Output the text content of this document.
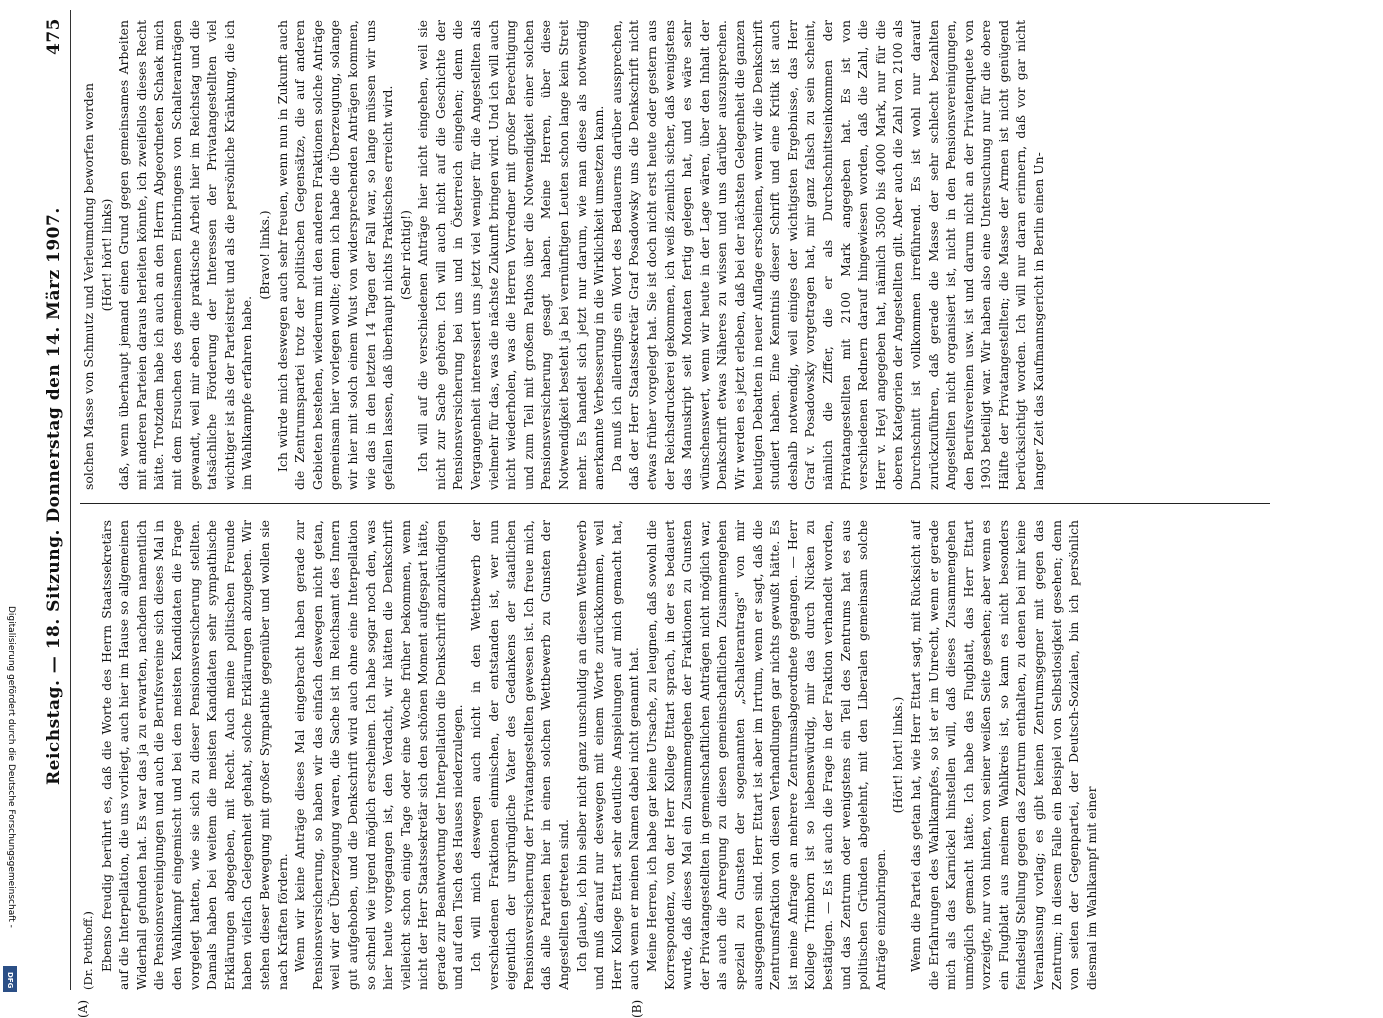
Digitalisierung gefördert durch die Deutsche Forschungsgemeinschaft -
DFG
Reichstag. — 18. Sitzung. Donnerstag den 14. März 1907.
475
(A)	(B)

(Dr. Potthoff.) Ebenso freudig berührt es, daß die Worte des Herrn Staatssekretärs auf die Interpellation, die uns vorliegt, auch hier im Hause so allgemeinen Widerhall gefunden hat. Es war das ja zu erwarten, nachdem namentlich die Pensionsvereinigungen und auch die Berufsvereine sich dieses Mal in den Wahlkampf eingemischt und bei den meisten Kandidaten die Frage vorgelegt hatten, wie sie sich zu dieser Pensionsversicherung stellten. Damals haben bei weitem die meisten Kandidaten sehr sympathische Erklärungen abgegeben, mit Recht. Auch meine politischen Freunde haben vielfach Gelegenheit gehabt, solche Erklärungen abzugeben. Wir stehen dieser Bewegung mit großer Sympathie gegenüber und wollen sie nach Kräften fördern. Wenn wir keine Anträge dieses Mal eingebracht haben gerade zur Pensionsversicherung, so haben wir das einfach deswegen nicht getan, weil wir der Überzeugung waren, die Sache ist im Reichsamt des Innern gut aufgehoben, und die Denkschrift wird auch ohne eine Interpellation so schnell wie irgend möglich erscheinen. Ich habe sogar noch den, was hier heute vorgegangen ist, den Verdacht, wir hätten die Denkschrift vielleicht schon einige Tage oder eine Woche früher bekommen, wenn nicht der Herr Staatssekretär sich den schönen Moment aufgespart hätte, gerade zur Beantwortung der Interpellation die Denkschrift anzukündigen und auf den Tisch des Hauses niederzulegen. Ich will mich deswegen auch nicht in den Wettbewerb der verschiedenen Fraktionen einmischen, der entstanden ist, wer nun eigentlich der ursprüngliche Vater des Gedankens der staatlichen Pensionsversicherung der Privatangestellten gewesen ist. Ich freue mich, daß alle Parteien hier in einen solchen Wettbewerb zu Gunsten der Angestellten getreten sind. Ich glaube, ich bin selber nicht ganz unschuldig an diesem Wettbewerb und muß darauf nur deswegen mit einem Worte zurückkommen, weil Herr Kollege Ettart sehr deutliche Anspielungen auf mich gemacht hat, auch wenn er meinen Namen dabei nicht genannt hat. Meine Herren, ich habe gar keine Ursache, zu leugnen, daß sowohl die Korrespondenz, von der Herr Kollege Ettart sprach, in der es bedauert wurde, daß dieses Mal ein Zusammengehen der Fraktionen zu Gunsten der Privatangestellten in gemeinschaftlichen Anträgen nicht möglich war, als auch die Anregung zu diesen gemeinschaftlichen Zusammengehen speziell zu Gunsten der sogenannten „Schalterantrags" von mir ausgegangen sind. Herr Ettart ist aber im Irrtum, wenn er sagt, daß die Zentrumsfraktion von diesen Verhandlungen gar nichts gewußt hätte. Es ist meine Anfrage an mehrere Zentrumsabgeordnete gegangen. — Herr Kollege Trimborn ist so liebenswürdig, mir das durch Nicken zu bestätigen. — Es ist auch die Frage in der Fraktion verhandelt worden, und das Zentrum oder wenigstens ein Teil des Zentrums hat es aus politischen Gründen abgelehnt, mit den Liberalen gemeinsam solche Anträge einzubringen.

(Hört! hört! links.) Wenn die Partei das getan hat, wie Herr Ettart sagt, mit Rücksicht auf die Erfahrungen des Wahlkampfes, so ist er im Unrecht, wenn er gerade mich als das Karnickel hinstellen will, daß dieses Zusammengehen unmöglich gemacht hätte. Ich habe das Flugblatt, das Herr Ettart vorzeigte, nur von hinten, von seiner weißen Seite gesehen; aber wenn es ein Flugblatt aus meinem Wahlkreis ist, so kann es nicht besonders feindselig Stellung gegen das Zentrum enthalten, zu denen bei mir keine Veranlassung vorlag; es gibt keinen Zentrumsgegner mit gegen das Zentrum; in diesem Falle ein Beispiel von Selbstlosigkeit gesehen; denn von seiten der Gegenpartei, der Deutsch-Sozialen, bin ich persönlich diesmal im Wahlkampf mit einer

solchen Masse von Schmutz und Verleumdung beworfen worden (Hört! hört! links) daß, wenn überhaupt jemand einen Grund gegen gemeinsames Arbeiten mit anderen Parteien daraus herleiten könnte, ich zweifellos dieses Recht hätte. Trotzdem habe ich auch an den Herrn Abgeordneten Schaek mich mit dem Ersuchen des gemeinsamen Einbringens von Schalteranträgen gewandt, weil mir eben die praktische Arbeit hier im Reichstag und die tatsächliche Förderung der Interessen der Privatangestellten viel wichtiger ist als der Parteistreit und als die persönliche Kränkung, die ich im Wahlkampfe erfahren habe.

(Bravo! links.) Ich würde mich deswegen auch sehr freuen, wenn nun in Zukunft auch die Zentrumspartei trotz der politischen Gegensätze, die auf anderen Gebieten bestehen, wiederum mit den anderen Fraktionen solche Anträge gemeinsam hier vorlegen wollte; denn ich habe die Überzeugung, solange wir hier mit solch einem Wust von widersprechenden Anträgen kommen, wie das in den letzten 14 Tagen der Fall war, so lange müssen wir uns gefallen lassen, daß überhaupt nichts Praktisches erreicht wird. (Sehr richtig!) Ich will auf die verschiedenen Anträge hier nicht eingehen, weil sie nicht zur Sache gehören. Ich will auch nicht auf die Geschichte der Pensionsversicherung bei uns und in Österreich eingehen; denn die Vergangenheit interessiert uns jetzt viel weniger für die Angestellten als vielmehr für das, was die nächste Zukunft bringen wird. Und ich will auch nicht wiederholen, was die Herren Vorredner mit großer Berechtigung und zum Teil mit großem Pathos über die Notwendigkeit einer solchen Pensionsversicherung gesagt haben. Meine Herren, über diese Notwendigkeit besteht ja bei vernünftigen Leuten schon lange kein Streit mehr. Es handelt sich jetzt nur darum, wie man diese als notwendig anerkannte Verbesserung in die Wirklichkeit umsetzen kann. Da muß ich allerdings ein Wort des Bedauerns darüber aussprechen, daß der Herr Staatssekretär Graf Posadowsky uns die Denkschrift nicht etwas früher vorgelegt hat. Sie ist doch nicht erst heute oder gestern aus der Reichsdruckerei gekommen, ich weiß ziemlich sicher, daß wenigstens das Manuskript seit Monaten fertig gelegen hat, und es wäre sehr wünschenswert, wenn wir heute in der Lage wären, über den Inhalt der Denkschrift etwas Näheres zu wissen und uns darüber auszusprechen. Wir werden es jetzt erleben, daß bei der nächsten Gelegenheit die ganzen heutigen Debatten in neuer Auflage erscheinen, wenn wir die Denkschrift studiert haben. Eine Kenntnis dieser Schrift und eine Kritik ist auch deshalb notwendig, weil einiges der wichtigsten Ergebnisse, das Herr Graf v. Posadowsky vorgetragen hat, mir ganz falsch zu sein scheint, nämlich die Ziffer, die er als Durchschnittseinkommen der Privatangestellten mit 2100 Mark angegeben hat. Es ist von verschiedenen Rednern darauf hingewiesen worden, daß die Zahl, die Herr v. Heyl angegeben hat, nämlich 3500 bis 4000 Mark, nur für die oberen Kategorien der Angestellten gilt. Aber auch die Zahl von 2100 als Durchschnitt ist vollkommen irreführend. Es ist wohl nur darauf zurückzuführen, daß gerade die Masse der sehr schlecht bezahlten Angestellten nicht organisiert ist, nicht in den Pensionsvereinigungen, den Berufsvereinen usw. ist und darum nicht an der Privatenquete von 1903 beteiligt war. Wir haben also eine Untersuchung nur für die obere Hälfte der Privatangestellten; die Masse der Armen ist nicht genügend berücksichtigt worden. Ich will nur daran erinnern, daß vor gar nicht langer Zeit das Kaufmannsgericht in Berlin einen Un-
